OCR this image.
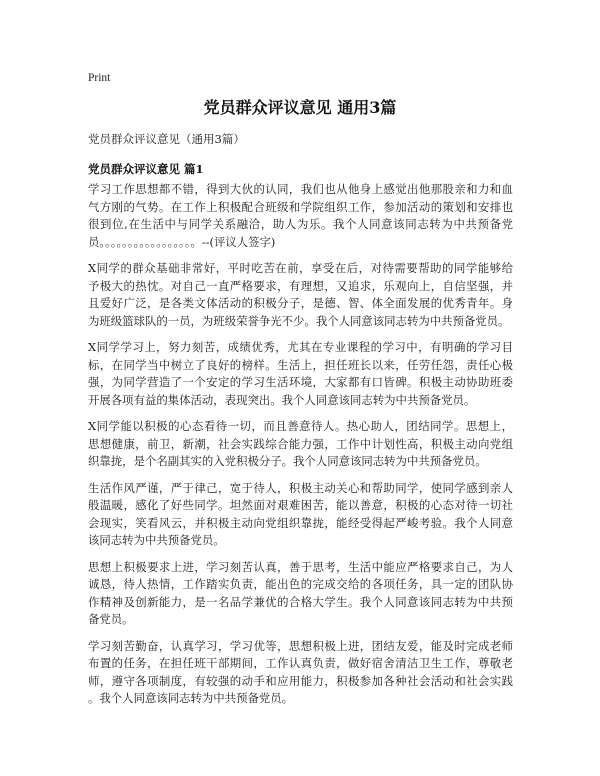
Print
党员群众评议意见 通用3篇
党员群众评议意见（通用3篇）
党员群众评议意见 篇1
学习工作思想都不错，得到大伙的认同，我们也从他身上感觉出他那股亲和力和血
气方刚的气势。在工作上积极配合班级和学院组织工作，参加活动的策划和安排也
很到位,在生活中与同学关系融洽，助人为乐。我个人同意该同志转为中共预备党
员。。。。。。。。。。。。。。。。。--(评议人签字)
X同学的群众基础非常好，平时吃苦在前，享受在后，对待需要帮助的同学能够给
予极大的热忱。对自己一直严格要求，有理想，又追求，乐观向上，自信坚强，并
且爱好广泛，是各类文体活动的积极分子，是德、智、体全面发展的优秀青年。身
为班级篮球队的一员，为班级荣誉争光不少。我个人同意该同志转为中共预备党员。
X同学学习上，努力刻苦，成绩优秀，尤其在专业课程的学习中，有明确的学习目
标，在同学当中树立了良好的榜样。生活上，担任班长以来，任劳任怨，责任心极
强，为同学营造了一个安定的学习生活环境，大家都有口皆碑。积极主动协助班委
开展各项有益的集体活动，表现突出。我个人同意该同志转为中共预备党员。
X同学能以积极的心态看待一切，而且善意待人。热心助人，团结同学。思想上，
思想健康，前卫，新潮，社会实践综合能力强，工作中计划性高，积极主动向党组
织靠拢，是个名副其实的入党积极分子。我个人同意该同志转为中共预备党员。
生活作风严谨，严于律己，宽于待人，积极主动关心和帮助同学，使同学感到亲人
般温暖，感化了好些同学。坦然面对艰难困苦，能以善意，积极的心态对待一切社
会现实，笑看风云，并积极主动向党组织靠拢，能经受得起严峻考验。我个人同意
该同志转为中共预备党员。
思想上积极要求上进，学习刻苦认真，善于思考，生活中能应严格要求自己，为人
诚恳，待人热情，工作踏实负责，能出色的完成交给的各项任务，具一定的团队协
作精神及创新能力，是一名品学兼优的合格大学生。我个人同意该同志转为中共预
备党员。
学习刻苦勤奋，认真学习，学习优等，思想积极上进，团结友爱，能及时完成老师
布置的任务，在担任班干部期间，工作认真负责，做好宿舍清洁卫生工作，尊敬老
师，遵守各项制度，有较强的动手和应用能力，积极参加各种社会活动和社会实践
。我个人同意该同志转为中共预备党员。
